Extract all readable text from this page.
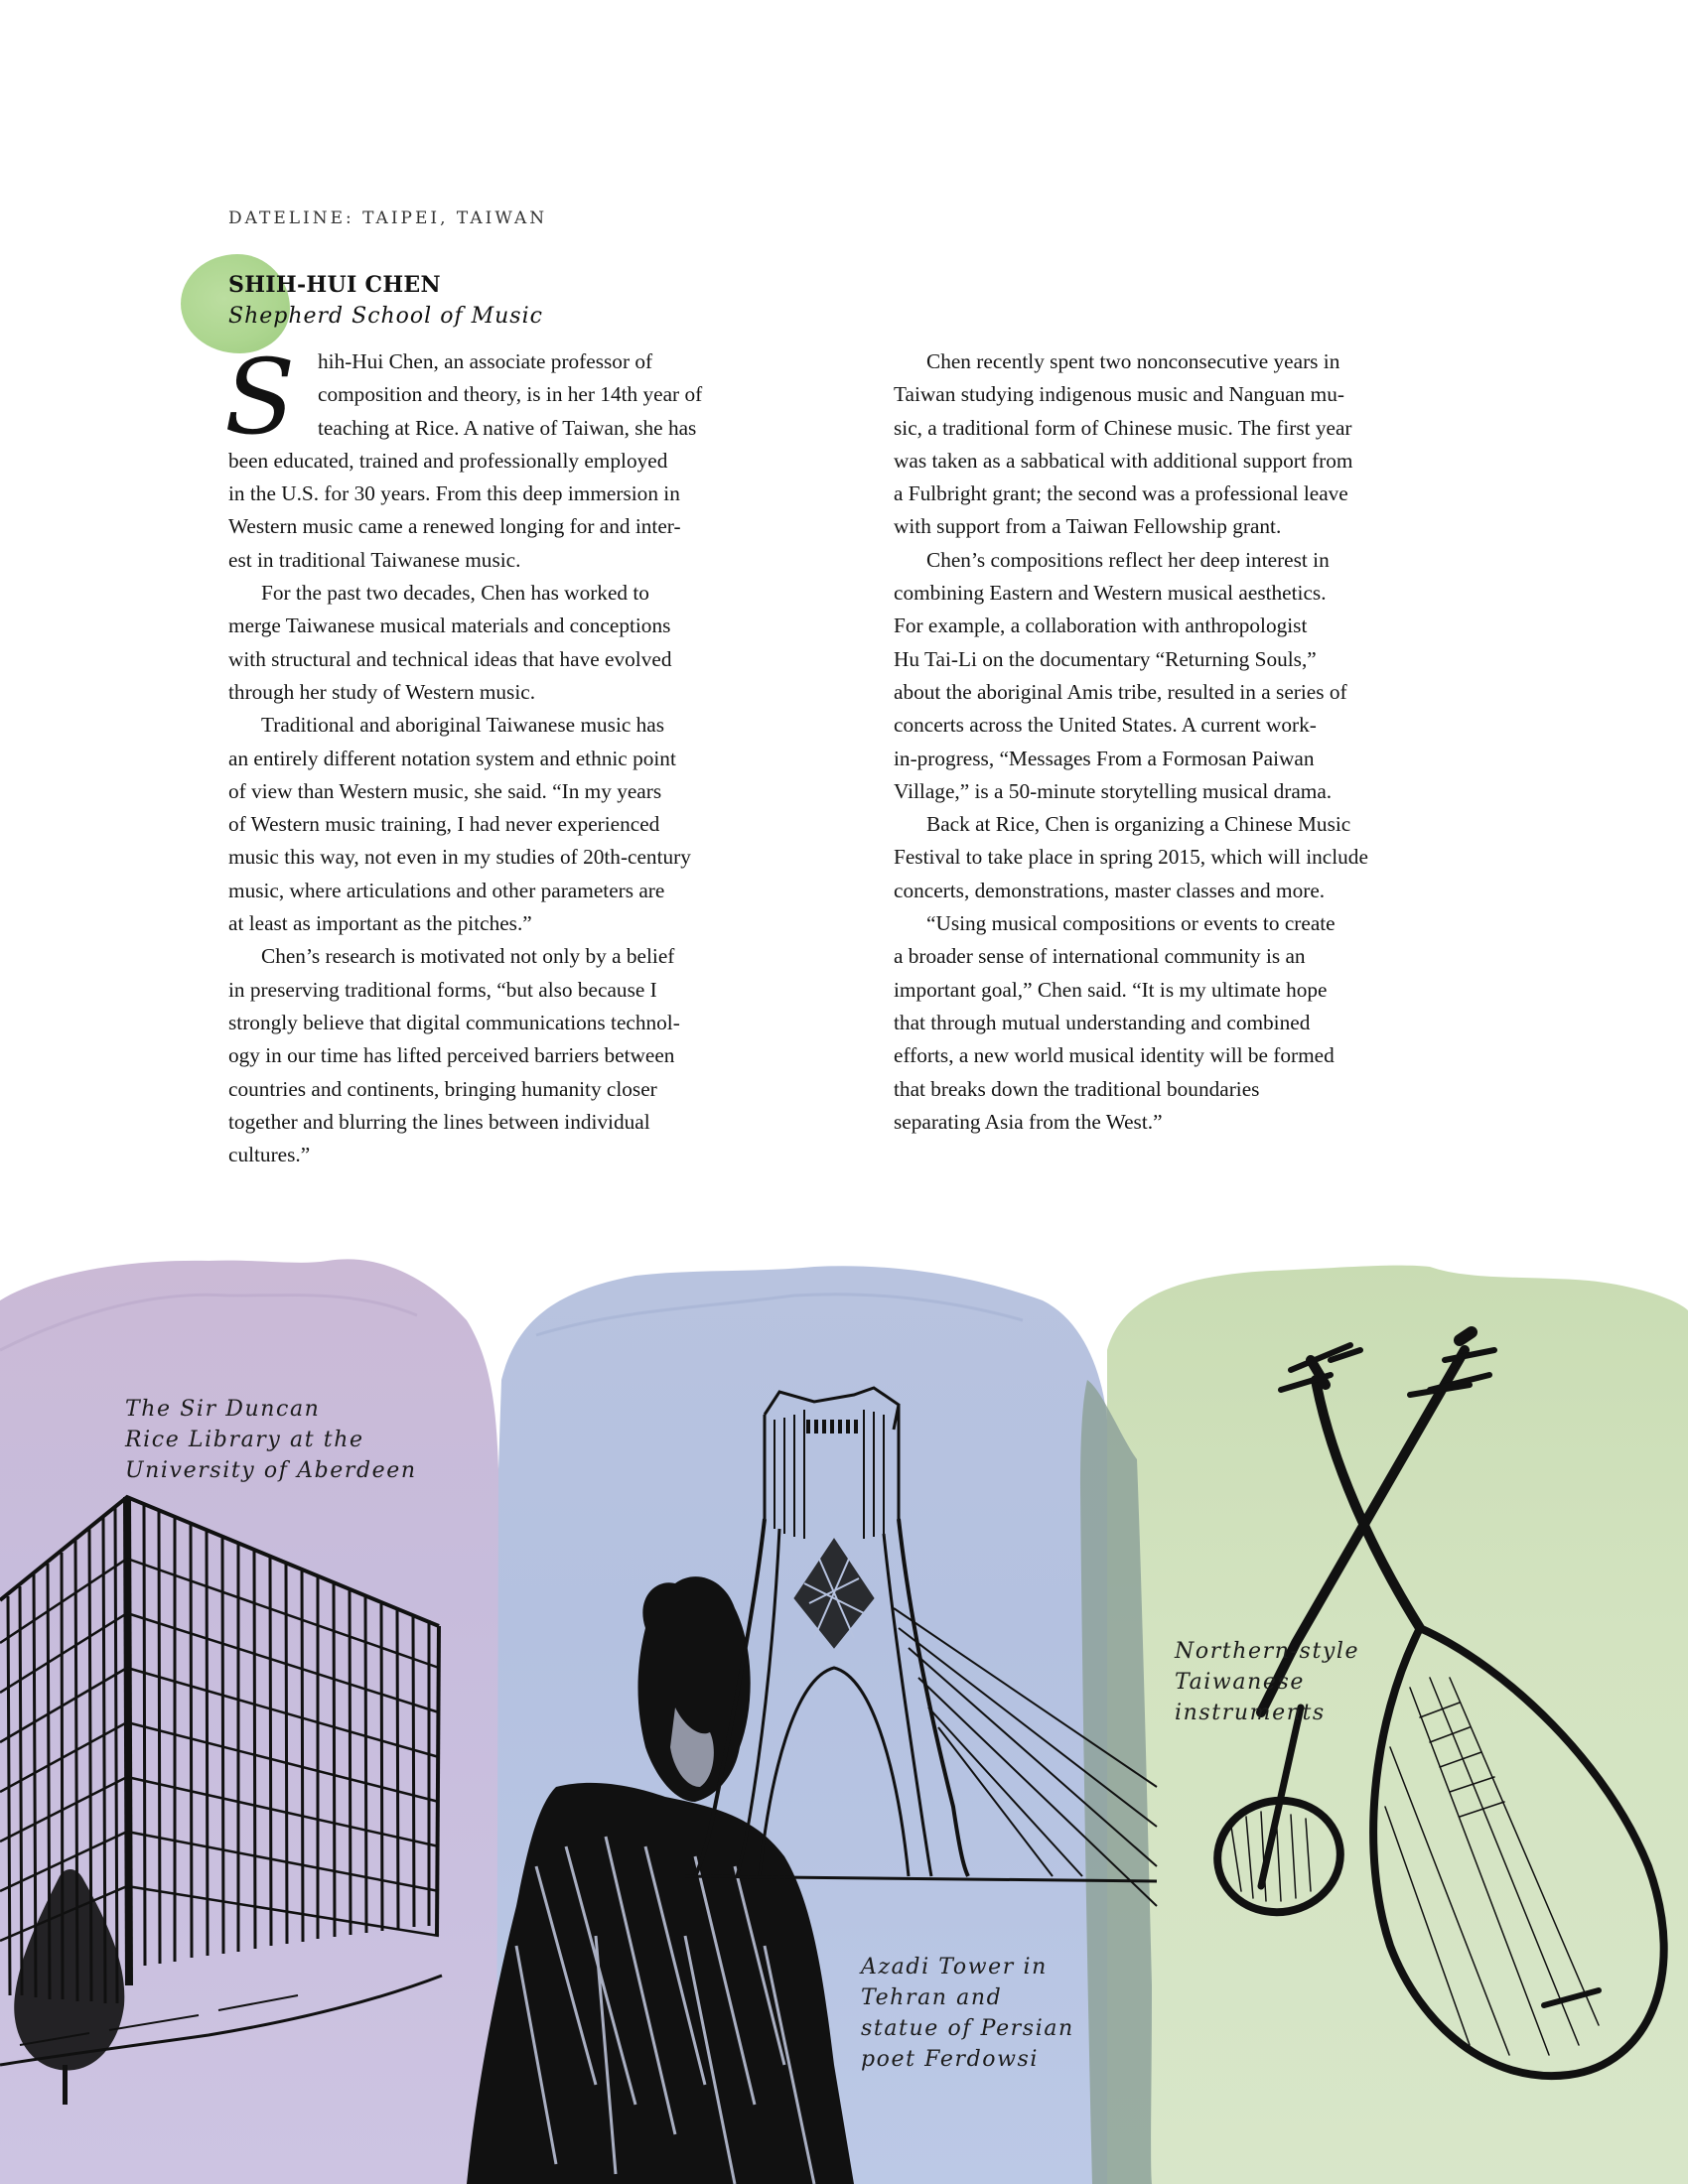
DATELINE: TAIPEI, TAIWAN
SHIH-HUI CHEN
Shepherd School of Music
S	hih-Hui Chen, an associate professor of
composition and theory, is in her 14th year of
teaching at Rice. A native of Taiwan, she has
been educated, trained and professionally employed
in the U.S. for 30 years. From this deep immersion in
Western music came a renewed longing for and inter-
est in traditional Taiwanese music.
For the past two decades, Chen has worked to
merge Taiwanese musical materials and conceptions
with structural and technical ideas that have evolved
through her study of Western music.
Traditional and aboriginal Taiwanese music has
an entirely different notation system and ethnic point
of view than Western music, she said. “In my years
of Western music training, I had never experienced
music this way, not even in my studies of 20th-century
music, where articulations and other parameters are
at least as important as the pitches.”
Chen’s research is motivated not only by a belief
in preserving traditional forms, “but also because I
strongly believe that digital communications technol-
ogy in our time has lifted perceived barriers between
countries and continents, bringing humanity closer
together and blurring the lines between individual
cultures.”
Chen recently spent two nonconsecutive years in
Taiwan studying indigenous music and Nanguan mu-
sic, a traditional form of Chinese music. The first year
was taken as a sabbatical with additional support from
a Fulbright grant; the second was a professional leave
with support from a Taiwan Fellowship grant.
Chen’s compositions reflect her deep interest in
combining Eastern and Western musical aesthetics.
For example, a collaboration with anthropologist
Hu Tai-Li on the documentary “Returning Souls,”
about the aboriginal Amis tribe, resulted in a series of
concerts across the United States. A current work-
in-progress, “Messages From a Formosan Paiwan
Village,” is a 50-minute storytelling musical drama.
Back at Rice, Chen is organizing a Chinese Music
Festival to take place in spring 2015, which will include
concerts, demonstrations, master classes and more.
“Using musical compositions or events to create
a broader sense of international community is an
important goal,” Chen said. “It is my ultimate hope
that through mutual understanding and combined
efforts, a new world musical identity will be formed
that breaks down the traditional boundaries
separating Asia from the West.”
The Sir Duncan
Rice Library at the
University of Aberdeen
Azadi Tower in
Tehran and
statue of Persian
poet Ferdowsi
Northern-style
Taiwanese
instruments
